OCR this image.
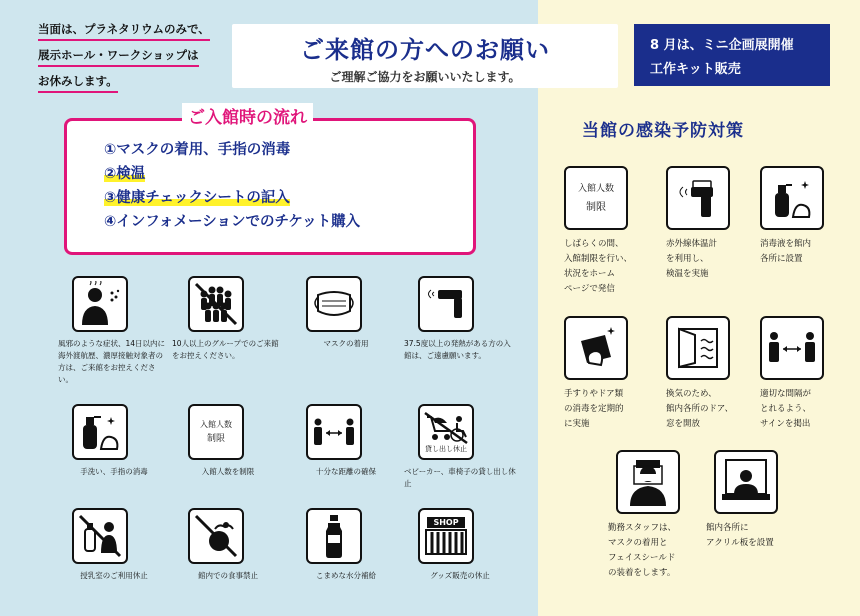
当面は、プラネタリウムのみで、
展示ホール・ワークショップは
お休みします。
ご来館の方へのお願い
ご理解ご協力をお願いいたします。
8 月は、ミニ企画展開催
工作キット販売
ご入館時の流れ
①マスクの着用、手指の消毒
②検温
③健康チェックシートの記入
④インフォメーションでのチケット購入
風邪のような症状、14日以内に海外渡航歴、濃厚接触対象者の方は、ご来館をお控えください。
10人以上のグループでのご来館をお控えください。
マスクの着用	37.5度以上の発熱がある方の入館は、ご遠慮願います。
手洗い、手指の消毒
入館人数
制限
入館人数を制限	十分な距離の確保
貸し出し休止
ベビーカー、車椅子の貸し出し休止
授乳室のご利用休止	館内での食事禁止	こまめな水分補給
SHOP
グッズ販売の休止
当館の感染予防対策
入館人数
制限
しばらくの間、
入館制限を行い、
状況をホーム
ページで発信
赤外線体温計
を利用し、
検温を実施
消毒液を館内
各所に設置
手すりやドア類
の消毒を定期的
に実施
換気のため、
館内各所のドア、
窓を開放
適切な間隔が
とれるよう、
サインを掲出
勤務スタッフは、
マスクの着用と
フェイスシールド
の装着をします。
館内各所に
アクリル板を設置
